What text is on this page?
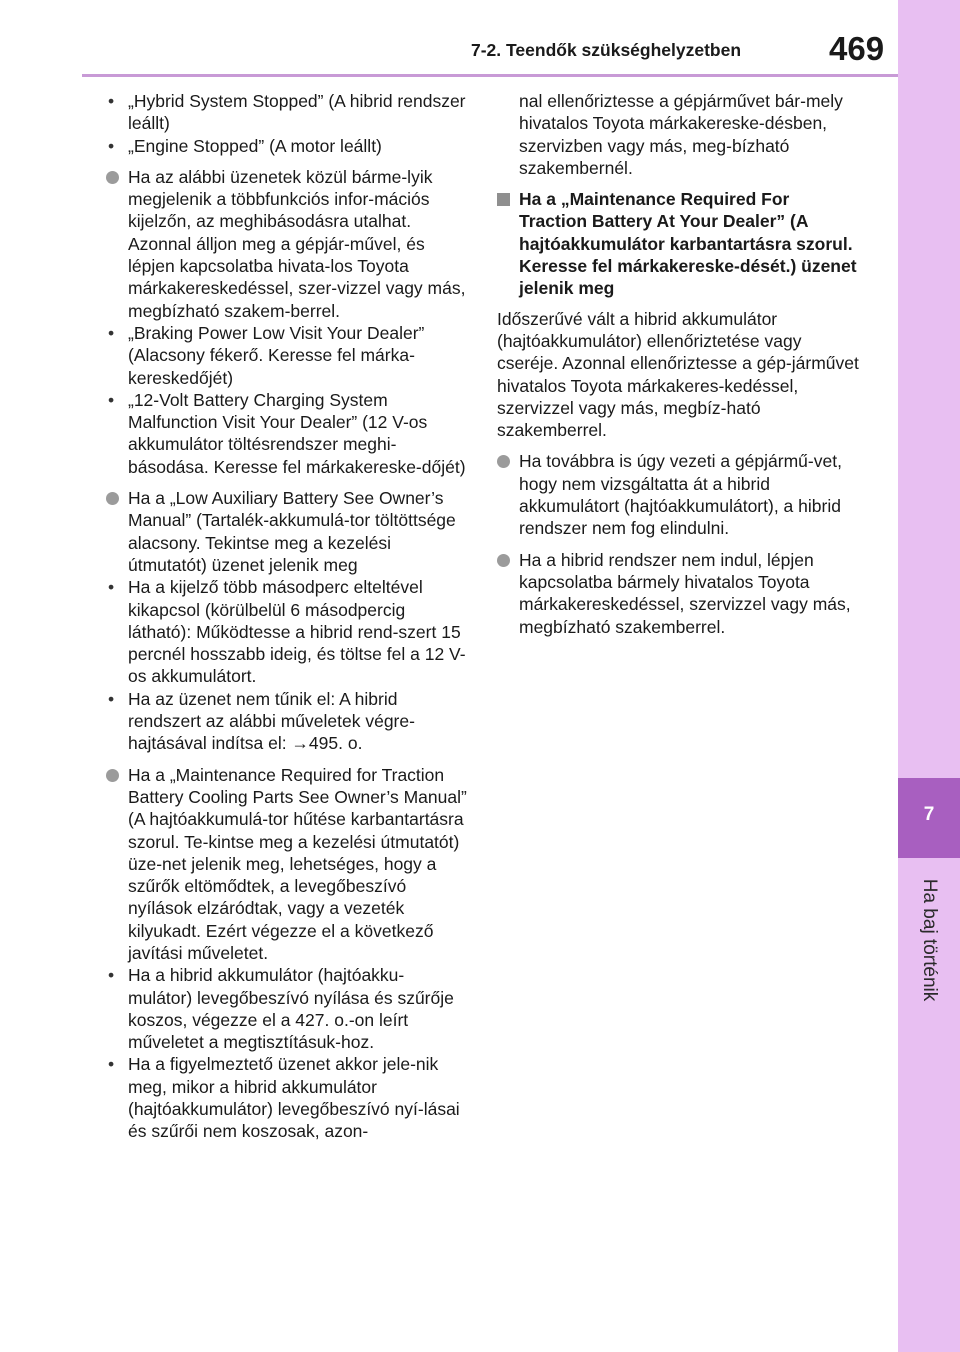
7-2. Teendők szükséghelyzetben	469
7
Ha baj történik
• „Hybrid System Stopped” (A hibrid rendszer leállt)
• „Engine Stopped” (A motor leállt)
Ha az alábbi üzenetek közül bárme-lyik megjelenik a többfunkciós infor-mációs kijelzőn, az meghibásodásra utalhat. Azonnal álljon meg a gépjár-művel, és lépjen kapcsolatba hivata-los Toyota márkakereskedéssel, szer-vizzel vagy más, megbízható szakem-berrel.
• „Braking Power Low Visit Your Dealer” (Alacsony fékerő. Keresse fel márka-kereskedőjét)
• „12-Volt Battery Charging System Malfunction Visit Your Dealer” (12 V-os akkumulátor töltésrendszer meghi-básodása. Keresse fel márkakereske-dőjét)
Ha a „Low Auxiliary Battery See Owner’s Manual” (Tartalék-akkumulá-tor töltöttsége alacsony. Tekintse meg a kezelési útmutatót) üzenet jelenik meg
• Ha a kijelző több másodperc elteltével kikapcsol (körülbelül 6 másodpercig látható): Működtesse a hibrid rend-szert 15 percnél hosszabb ideig, és töltse fel a 12 V-os akkumulátort.
• Ha az üzenet nem tűnik el: A hibrid rendszert az alábbi műveletek végre-hajtásával indítsa el: →495. o.
Ha a „Maintenance Required for Traction Battery Cooling Parts See Owner’s Manual” (A hajtóakkumulá-tor hűtése karbantartásra szorul. Te-kintse meg a kezelési útmutatót) üze-net jelenik meg, lehetséges, hogy a szűrők eltömődtek, a levegőbeszívó nyílások elzáródtak, vagy a vezeték kilyukadt. Ezért végezze el a következő javítási műveletet.
• Ha a hibrid akkumulátor (hajtóakku-mulátor) levegőbeszívó nyílása és szűrője koszos, végezze el a 427. o.-on leírt műveletet a megtisztításuk-hoz.
• Ha a figyelmeztető üzenet akkor jele-nik meg, mikor a hibrid akkumulátor (hajtóakkumulátor) levegőbeszívó nyí-lásai és szűrői nem koszosak, azon-
nal ellenőriztesse a gépjárművet bár-mely hivatalos Toyota márkakereske-désben, szervizben vagy más, meg-bízható szakembernél.
Ha a „Maintenance Required For Traction Battery At Your Dealer” (A hajtóakkumulátor karbantartásra szorul. Keresse fel márkakereske-dését.) üzenet jelenik meg
Időszerűvé vált a hibrid akkumulátor (hajtóakkumulátor) ellenőriztetése vagy cseréje. Azonnal ellenőriztesse a gép-járművet hivatalos Toyota márkakeres-kedéssel, szervizzel vagy más, megbíz-ható szakemberrel.
Ha továbbra is úgy vezeti a gépjármű-vet, hogy nem vizsgáltatta át a hibrid akkumulátort (hajtóakkumulátort), a hibrid rendszer nem fog elindulni.
Ha a hibrid rendszer nem indul, lépjen kapcsolatba bármely hivatalos Toyota márkakereskedéssel, szervizzel vagy más, megbízható szakemberrel.
